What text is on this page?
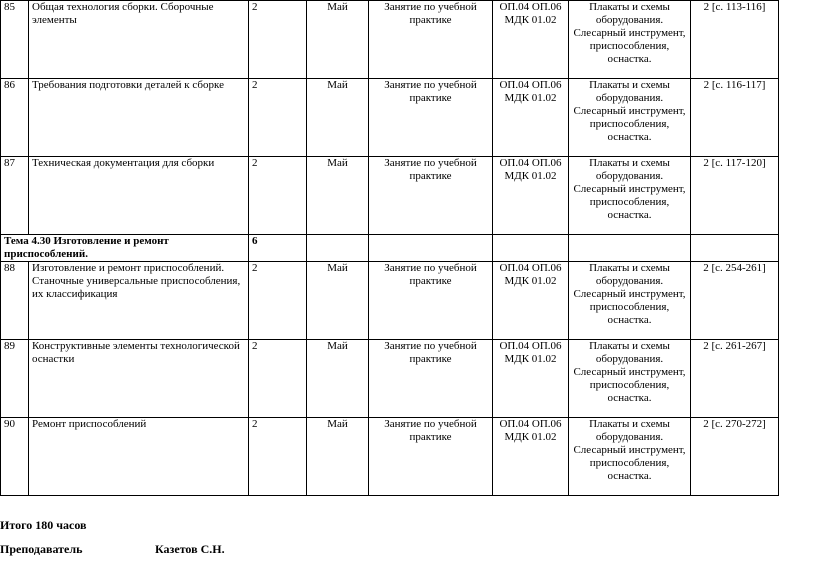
85	Общая технология сборки. Сборочные элементы	2	Май	Занятие по учебной практике	ОП.04 ОП.06 МДК 01.02	Плакаты и схемы оборудования. Слесарный инструмент, приспособления, оснастка.	2 [с. 113-116]
86	Требования подготовки деталей к сборке	2	Май	Занятие по учебной практике	ОП.04 ОП.06 МДК 01.02	Плакаты и схемы оборудования. Слесарный инструмент, приспособления, оснастка.	2 [с. 116-117]
87	Техническая документация для сборки	2	Май	Занятие по учебной практике	ОП.04 ОП.06 МДК 01.02	Плакаты и схемы оборудования. Слесарный инструмент, приспособления, оснастка.	2 [с. 117-120]
Тема 4.30 Изготовление и ремонт приспособлений.		6					
88	Изготовление и ремонт приспособлений. Станочные универсальные приспособления, их классификация	2	Май	Занятие по учебной практике	ОП.04 ОП.06 МДК 01.02	Плакаты и схемы оборудования. Слесарный инструмент, приспособления, оснастка.	2 [с. 254-261]
89	Конструктивные элементы технологической оснастки	2	Май	Занятие по учебной практике	ОП.04 ОП.06 МДК 01.02	Плакаты и схемы оборудования. Слесарный инструмент, приспособления, оснастка.	2 [с. 261-267]
90	Ремонт приспособлений	2	Май	Занятие по учебной практике	ОП.04 ОП.06 МДК 01.02	Плакаты и схемы оборудования. Слесарный инструмент, приспособления, оснастка.	2 [с. 270-272]
Итого 180 часов
Преподаватель	Казетов С.Н.
